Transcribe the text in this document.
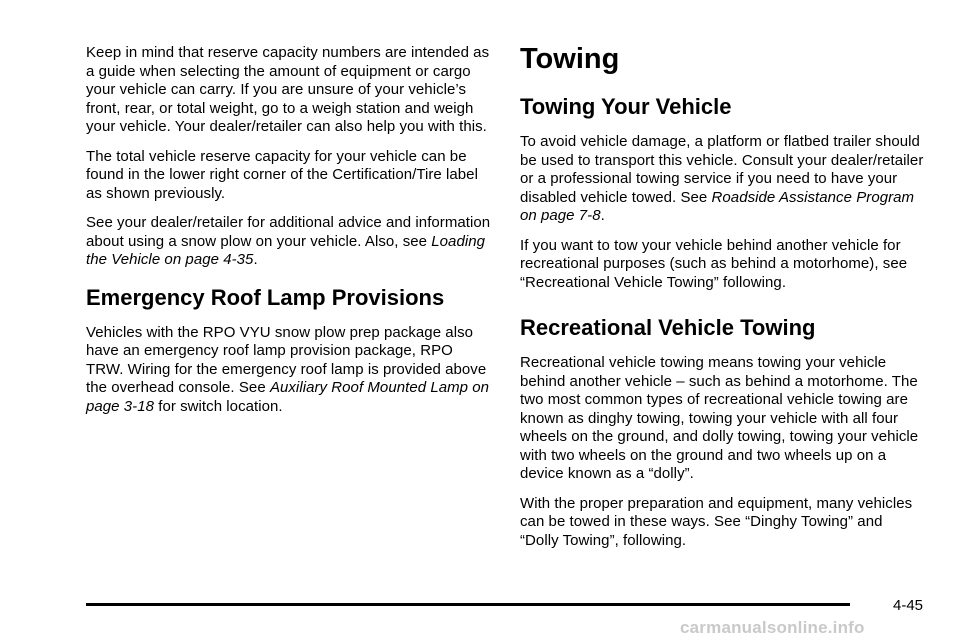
Keep in mind that reserve capacity numbers are intended as a guide when selecting the amount of equipment or cargo your vehicle can carry. If you are unsure of your vehicle’s front, rear, or total weight, go to a weigh station and weigh your vehicle. Your dealer/retailer can also help you with this.

The total vehicle reserve capacity for your vehicle can be found in the lower right corner of the Certification/Tire label as shown previously.

See your dealer/retailer for additional advice and information about using a snow plow on your vehicle. Also, see Loading the Vehicle on page 4-35.

Emergency Roof Lamp Provisions

Vehicles with the RPO VYU snow plow prep package also have an emergency roof lamp provision package, RPO TRW. Wiring for the emergency roof lamp is provided above the overhead console. See Auxiliary Roof Mounted Lamp on page 3-18 for switch location.

Towing
Towing Your Vehicle

To avoid vehicle damage, a platform or flatbed trailer should be used to transport this vehicle. Consult your dealer/retailer or a professional towing service if you need to have your disabled vehicle towed. See Roadside Assistance Program on page 7-8.

If you want to tow your vehicle behind another vehicle for recreational purposes (such as behind a motorhome), see “Recreational Vehicle Towing” following.

Recreational Vehicle Towing

Recreational vehicle towing means towing your vehicle behind another vehicle – such as behind a motorhome. The two most common types of recreational vehicle towing are known as dinghy towing, towing your vehicle with all four wheels on the ground, and dolly towing, towing your vehicle with two wheels on the ground and two wheels up on a device known as a “dolly”.

With the proper preparation and equipment, many vehicles can be towed in these ways. See “Dinghy Towing” and “Dolly Towing”, following.

4-45
carmanualsonline.info
